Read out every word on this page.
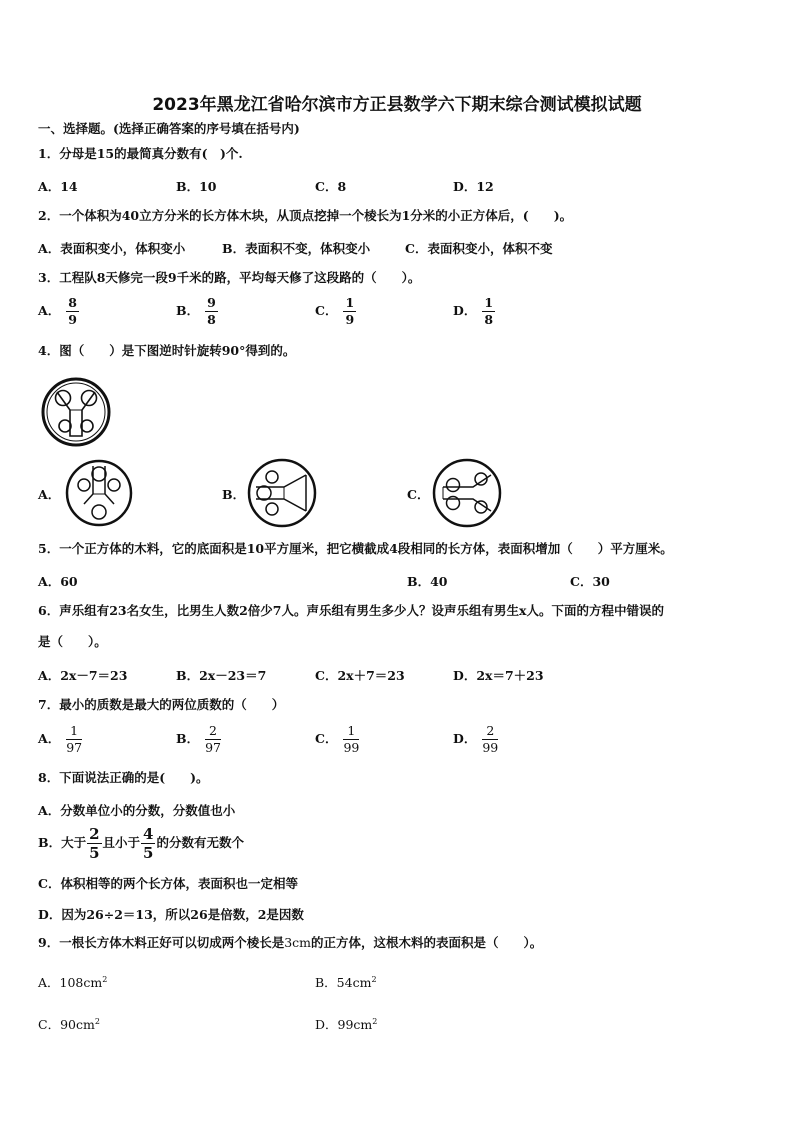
2023年黑龙江省哈尔滨市方正县数学六下期末综合测试模拟试题
一、选择题。(选择正确答案的序号填在括号内)
1．分母是15的最简真分数有(　)个.
A．14	B．10	C．8	D．12
2．一个体积为40立方分米的长方体木块，从顶点挖掉一个棱长为1分米的小正方体后，(　　)。
A．表面积变小，体积变小	B．表面积不变，体积变小	C．表面积变小，体积不变
3．工程队8天修完一段9千米的路，平均每天修了这段路的（　　）。
A． $\frac{8}{9}$	B． $\frac{9}{8}$	C． $\frac{1}{9}$	D． $\frac{1}{8}$
4．图（　　）是下图逆时针旋转90°得到的。
A．	B．	C．
5．一个正方体的木料，它的底面积是10平方厘米，把它横截成4段相同的长方体，表面积增加（　　）平方厘米。
A．60	B．40	C．30
6．声乐组有23名女生，比男生人数2倍少7人。声乐组有男生多少人？设声乐组有男生x人。下面的方程中错误的
是（　　）。
A．2x－7＝23	B．2x－23＝7	C．2x＋7＝23	D．2x＝7＋23
7．最小的质数是最大的两位质数的（　　）
A． $\frac{1}{97}$	B． $\frac{2}{97}$	C． $\frac{1}{99}$	D． $\frac{2}{99}$
8．下面说法正确的是(　　)。
A．分数单位小的分数，分数值也小
B．大于 $\frac{2}{5}$ 且小于 $\frac{4}{5}$ 的分数有无数个
C．体积相等的两个长方体，表面积也一定相等
D．因为26÷2＝13，所以26是倍数，2是因数
9．一根长方体木料正好可以切成两个棱长是3cm的正方体，这根木料的表面积是（　　）。
A．$108cm^2$	B．$54cm^2$
C．$90cm^2$	D．$99cm^2$
